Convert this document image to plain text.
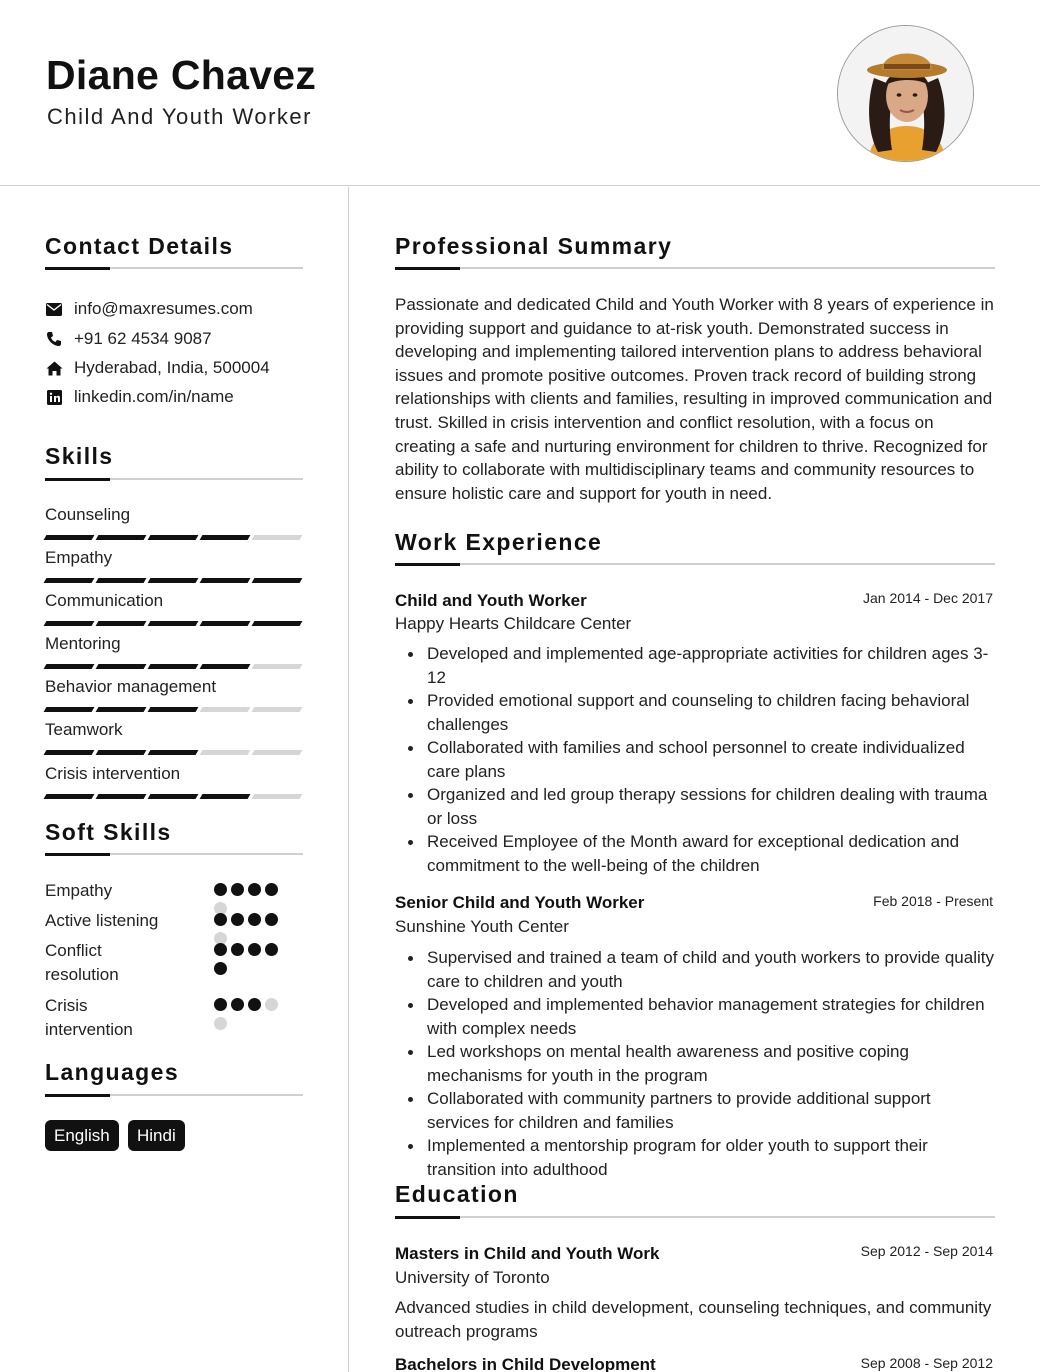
Diane Chavez
Child And Youth Worker
Contact Details
info@maxresumes.com
+91 62 4534 9087
Hyderabad, India, 500004
linkedin.com/in/name
Skills
Counseling
Empathy
Communication
Mentoring
Behavior management
Teamwork
Crisis intervention
Soft Skills
Empathy
Active listening
Conflict resolution
Crisis intervention
Languages
English	Hindi
Professional Summary
Passionate and dedicated Child and Youth Worker with 8 years of experience in providing support and guidance to at-risk youth. Demonstrated success in developing and implementing tailored intervention plans to address behavioral issues and promote positive outcomes. Proven track record of building strong relationships with clients and families, resulting in improved communication and trust. Skilled in crisis intervention and conflict resolution, with a focus on creating a safe and nurturing environment for children to thrive. Recognized for ability to collaborate with multidisciplinary teams and community resources to ensure holistic care and support for youth in need.
Work Experience
Child and Youth Worker	Jan 2014 - Dec 2017
Happy Hearts Childcare Center
Developed and implemented age-appropriate activities for children ages 3-12
Provided emotional support and counseling to children facing behavioral challenges
Collaborated with families and school personnel to create individualized care plans
Organized and led group therapy sessions for children dealing with trauma or loss
Received Employee of the Month award for exceptional dedication and commitment to the well-being of the children
Senior Child and Youth Worker	Feb 2018 - Present
Sunshine Youth Center
Supervised and trained a team of child and youth workers to provide quality care to children and youth
Developed and implemented behavior management strategies for children with complex needs
Led workshops on mental health awareness and positive coping mechanisms for youth in the program
Collaborated with community partners to provide additional support services for children and families
Implemented a mentorship program for older youth to support their transition into adulthood
Education
Masters in Child and Youth Work	Sep 2012 - Sep 2014
University of Toronto
Advanced studies in child development, counseling techniques, and community outreach programs
Bachelors in Child Development	Sep 2008 - Sep 2012
